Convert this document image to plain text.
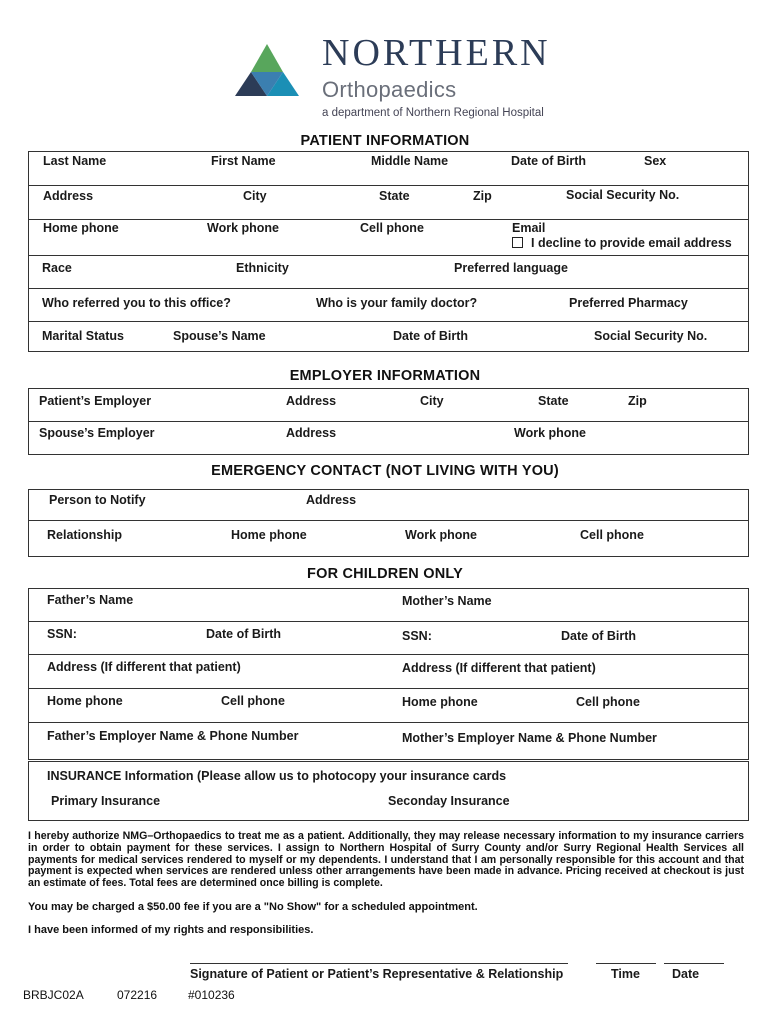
NORTHERN
Orthopaedics
a department of Northern Regional Hospital
PATIENT INFORMATION
Last Name	First Name	Middle Name	Date of Birth	Sex
Address	City	State	Zip	Social Security No.
Home phone	Work phone	Cell phone	Email
I decline to provide email address
Race	Ethnicity	Preferred language
Who referred you to this office?	Who is your family doctor?	Preferred Pharmacy
Marital Status	Spouse’s Name	Date of Birth	Social Security No.
EMPLOYER INFORMATION
Patient’s Employer	Address	City	State	Zip
Spouse’s Employer	Address	Work phone
EMERGENCY CONTACT (NOT LIVING WITH YOU)
Person to Notify	Address
Relationship	Home phone	Work phone	Cell phone
FOR CHILDREN ONLY
Father’s Name	Mother’s Name
SSN:	Date of Birth	SSN:	Date of Birth
Address (If different that patient)	Address (If different that patient)
Home phone	Cell phone	Home phone	Cell phone
Father’s Employer Name & Phone Number	Mother’s Employer Name & Phone Number
INSURANCE Information (Please allow us to photocopy your insurance cards
Primary Insurance	Seconday Insurance
I hereby authorize NMG–Orthopaedics to treat me as a patient. Additionally, they may release necessary information to my insurance carriers in order to obtain payment for these services. I assign to Northern Hospital of Surry County and/or Surry Regional Health Services all payments for medical services rendered to myself or my dependents. I understand that I am personally responsible for this account and that payment is expected when services are rendered unless other arrangements have been made in advance. Pricing received at checkout is just an estimate of fees. Total fees are determined once billing is complete.
You may be charged a $50.00 fee if you are a "No Show" for a scheduled appointment.
I have been informed of my rights and responsibilities.
Signature of Patient or Patient’s Representative & Relationship	Time	Date
BRBJC02A	072216	#010236
